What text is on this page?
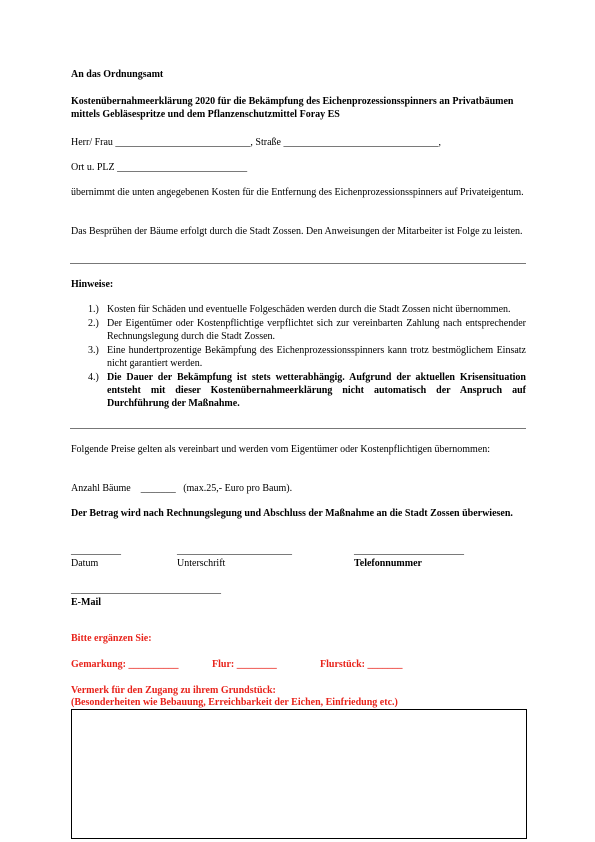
An das Ordnungsamt
Kostenübernahmeerklärung 2020 für die Bekämpfung des Eichenprozessionsspinners an Privatbäumen mittels Gebläsespritze und dem Pflanzenschutzmittel Foray ES
Herr/ Frau ___________________________, Straße _______________________________,
Ort u. PLZ __________________________
übernimmt die unten angegebenen Kosten für die Entfernung des Eichenprozessionsspinners auf Privateigentum.
Das Besprühen der Bäume erfolgt durch die Stadt Zossen. Den Anweisungen der Mitarbeiter ist Folge zu leisten.
Hinweise:
1.) Kosten für Schäden und eventuelle Folgeschäden werden durch die Stadt Zossen nicht übernommen.
2.) Der Eigentümer oder Kostenpflichtige verpflichtet sich zur vereinbarten Zahlung nach entsprechender Rechnungslegung durch die Stadt Zossen.
3.) Eine hundertprozentige Bekämpfung des Eichenprozessionsspinners kann trotz bestmöglichem Einsatz nicht garantiert werden.
4.) Die Dauer der Bekämpfung ist stets wetterabhängig. Aufgrund der aktuellen Krisensituation entsteht mit dieser Kostenübernahmeerklärung nicht automatisch der Anspruch auf Durchführung der Maßnahme.
Folgende Preise gelten als vereinbart und werden vom Eigentümer oder Kostenpflichtigen übernommen:
Anzahl Bäume _______ (max.25,- Euro pro Baum).
Der Betrag wird nach Rechnungslegung und Abschluss der Maßnahme an die Stadt Zossen überwiesen.
__________
Datum
_______________________
Unterschrift
______________________
Telefonnummer
______________________________
E-Mail
Bitte ergänzen Sie:
Gemarkung: __________	Flur: ________	Flurstück: _______
Vermerk für den Zugang zu ihrem Grundstück:
(Besonderheiten wie Bebauung, Erreichbarkeit der Eichen, Einfriedung etc.)
